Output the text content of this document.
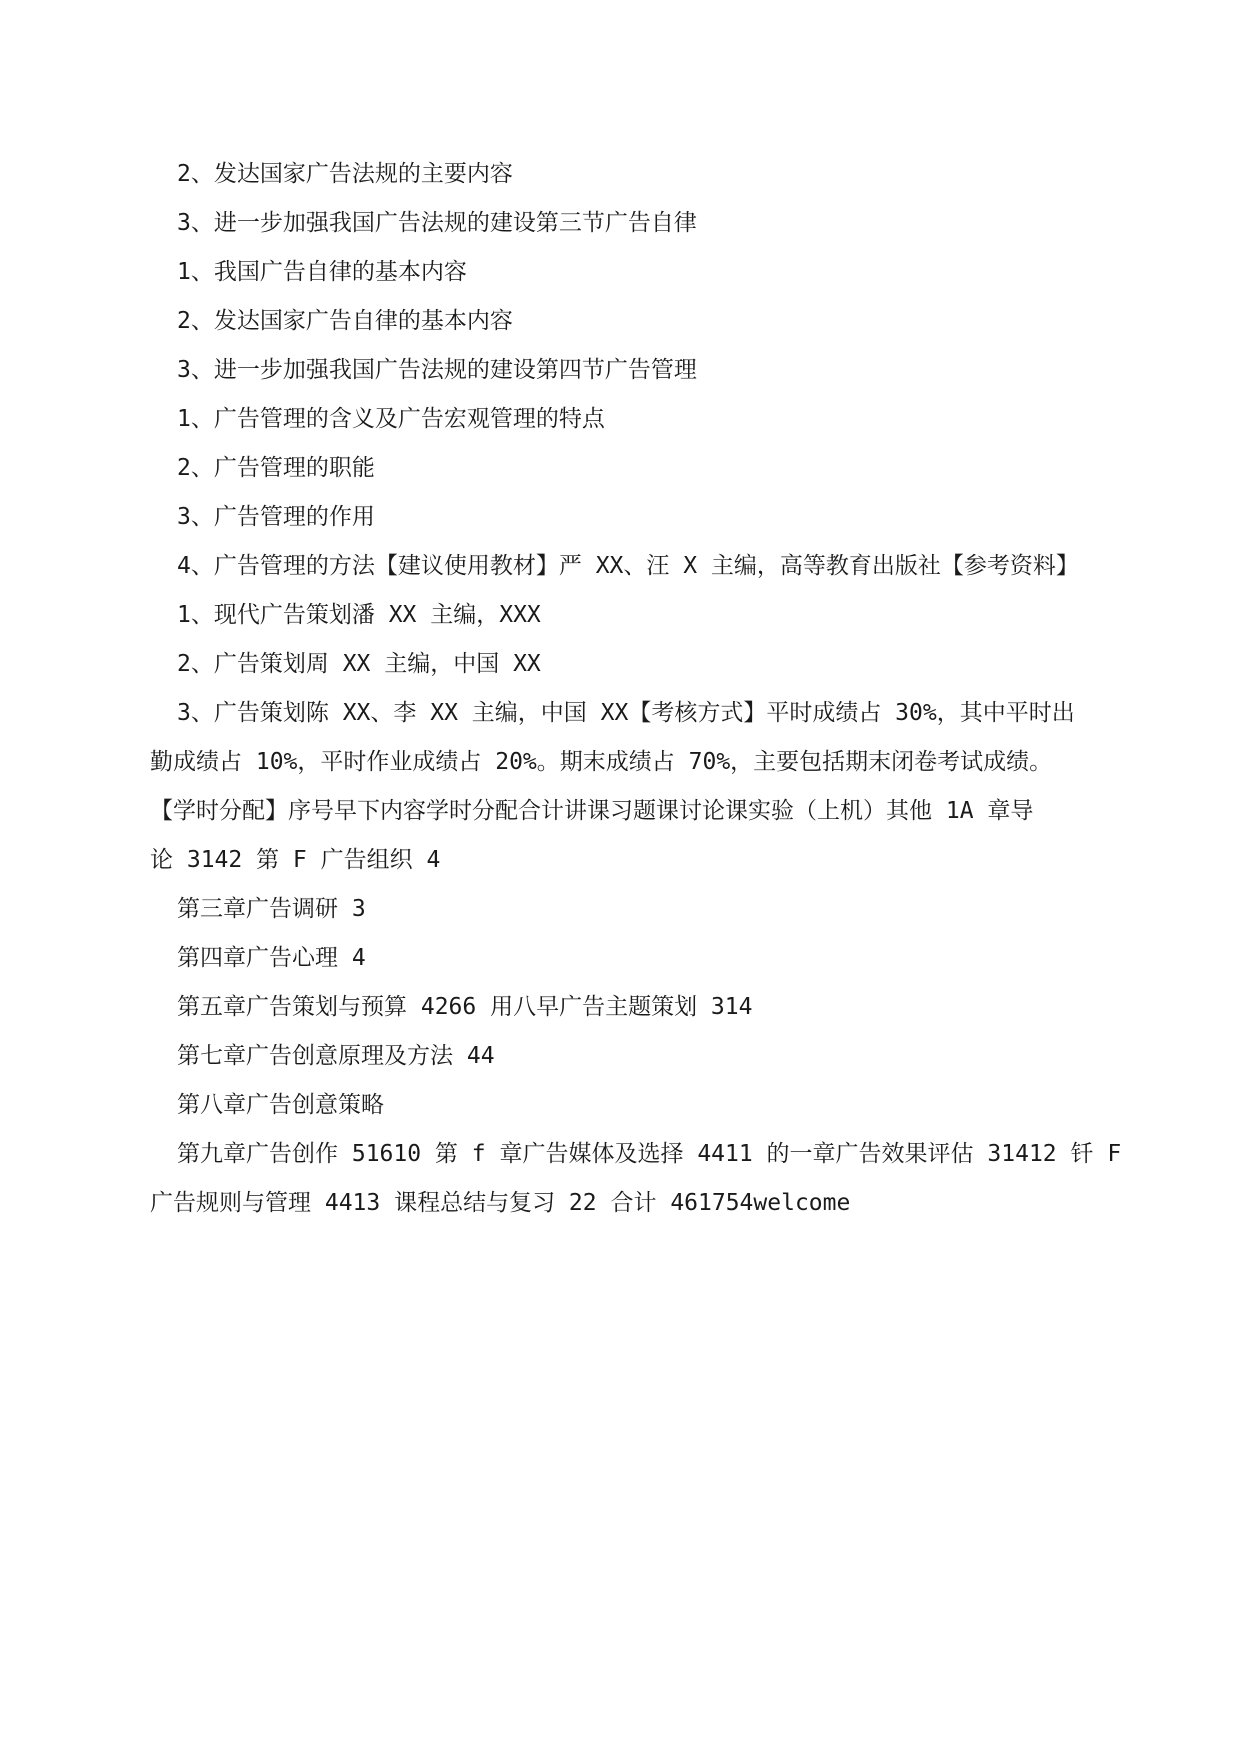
2、发达国家广告法规的主要内容
3、进一步加强我国广告法规的建设第三节广告自律
1、我国广告自律的基本内容
2、发达国家广告自律的基本内容
3、进一步加强我国广告法规的建设第四节广告管理
1、广告管理的含义及广告宏观管理的特点
2、广告管理的职能
3、广告管理的作用
4、广告管理的方法【建议使用教材】严 XX、汪 X 主编，高等教育出版社【参考资料】
1、现代广告策划潘 XX 主编，XXX
2、广告策划周 XX 主编，中国 XX
3、广告策划陈 XX、李 XX 主编，中国 XX【考核方式】平时成绩占 30%，其中平时出
勤成绩占 10%，平时作业成绩占 20%。期末成绩占 70%，主要包括期末闭卷考试成绩。
【学时分配】序号早下内容学时分配合计讲课习题课讨论课实验（上机）其他 1A 章导
论 3142 第 F 广告组织 4
第三章广告调研 3
第四章广告心理 4
第五章广告策划与预算 4266 用八早广告主题策划 314
第七章广告创意原理及方法 44
第八章广告创意策略
第九章广告创作 51610 第 f 章广告媒体及选择 4411 的一章广告效果评估 31412 钎 F
广告规则与管理 4413 课程总结与复习 22 合计 461754welcome
